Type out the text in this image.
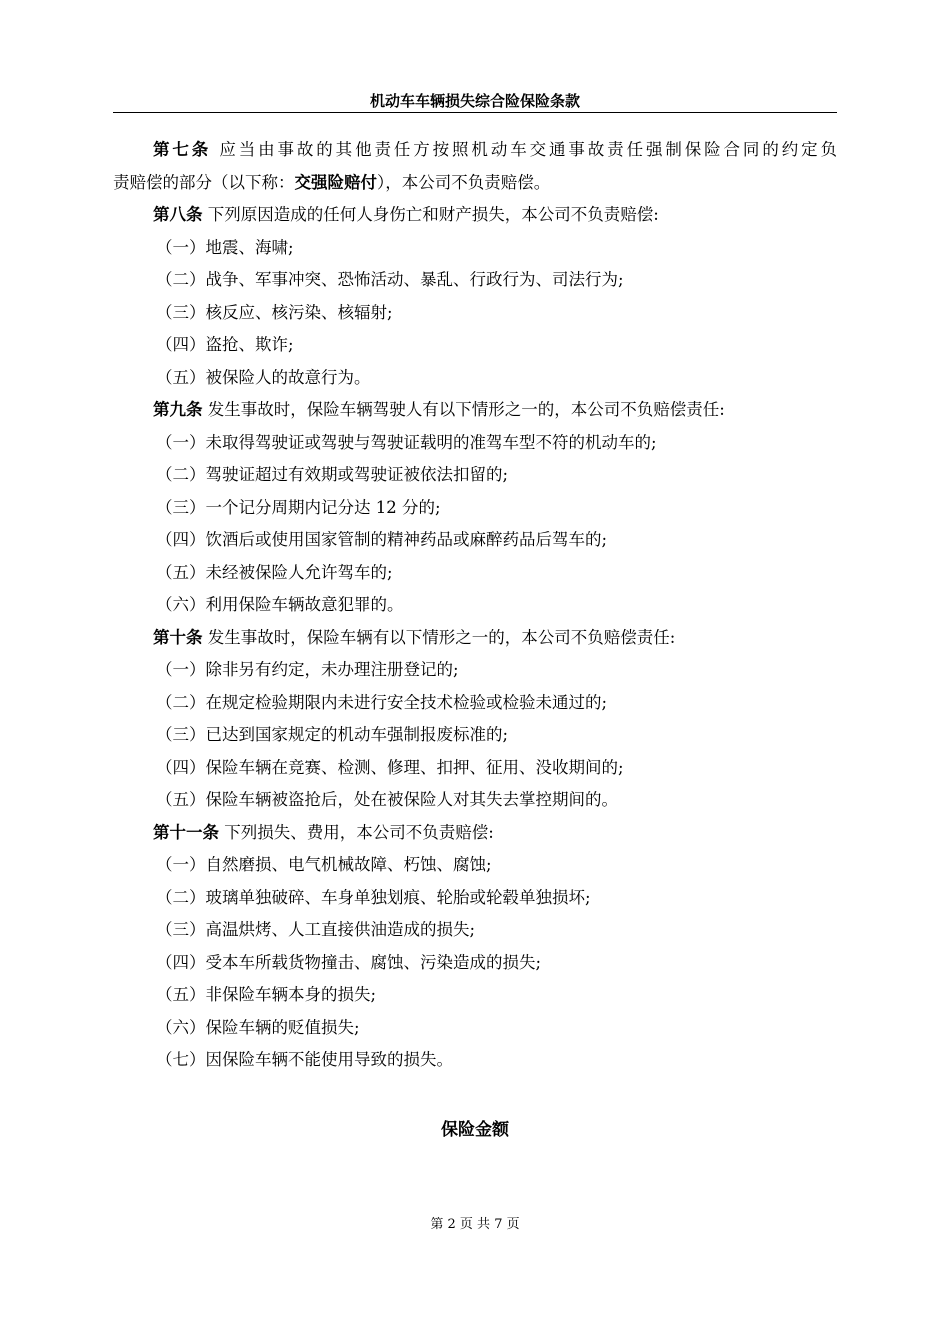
机动车车辆损失综合险保险条款
第七条 应当由事故的其他责任方按照机动车交通事故责任强制保险合同的约定负
责赔偿的部分（以下称：交强险赔付），本公司不负责赔偿。
第八条 下列原因造成的任何人身伤亡和财产损失，本公司不负责赔偿:
（一）地震、海啸;
（二）战争、军事冲突、恐怖活动、暴乱、行政行为、司法行为;
（三）核反应、核污染、核辐射;
（四）盗抢、欺诈;
（五）被保险人的故意行为。
第九条 发生事故时，保险车辆驾驶人有以下情形之一的，本公司不负赔偿责任:
（一）未取得驾驶证或驾驶与驾驶证载明的准驾车型不符的机动车的;
（二）驾驶证超过有效期或驾驶证被依法扣留的;
（三）一个记分周期内记分达 12 分的;
（四）饮酒后或使用国家管制的精神药品或麻醉药品后驾车的;
（五）未经被保险人允许驾车的;
（六）利用保险车辆故意犯罪的。
第十条 发生事故时，保险车辆有以下情形之一的，本公司不负赔偿责任:
（一）除非另有约定，未办理注册登记的;
（二）在规定检验期限内未进行安全技术检验或检验未通过的;
（三）已达到国家规定的机动车强制报废标准的;
（四）保险车辆在竞赛、检测、修理、扣押、征用、没收期间的;
（五）保险车辆被盗抢后，处在被保险人对其失去掌控期间的。
第十一条 下列损失、费用，本公司不负责赔偿:
（一）自然磨损、电气机械故障、朽蚀、腐蚀;
（二）玻璃单独破碎、车身单独划痕、轮胎或轮毂单独损坏;
（三）高温烘烤、人工直接供油造成的损失;
（四）受本车所载货物撞击、腐蚀、污染造成的损失;
（五）非保险车辆本身的损失;
（六）保险车辆的贬值损失;
（七）因保险车辆不能使用导致的损失。
保险金额
第 2 页 共 7 页
